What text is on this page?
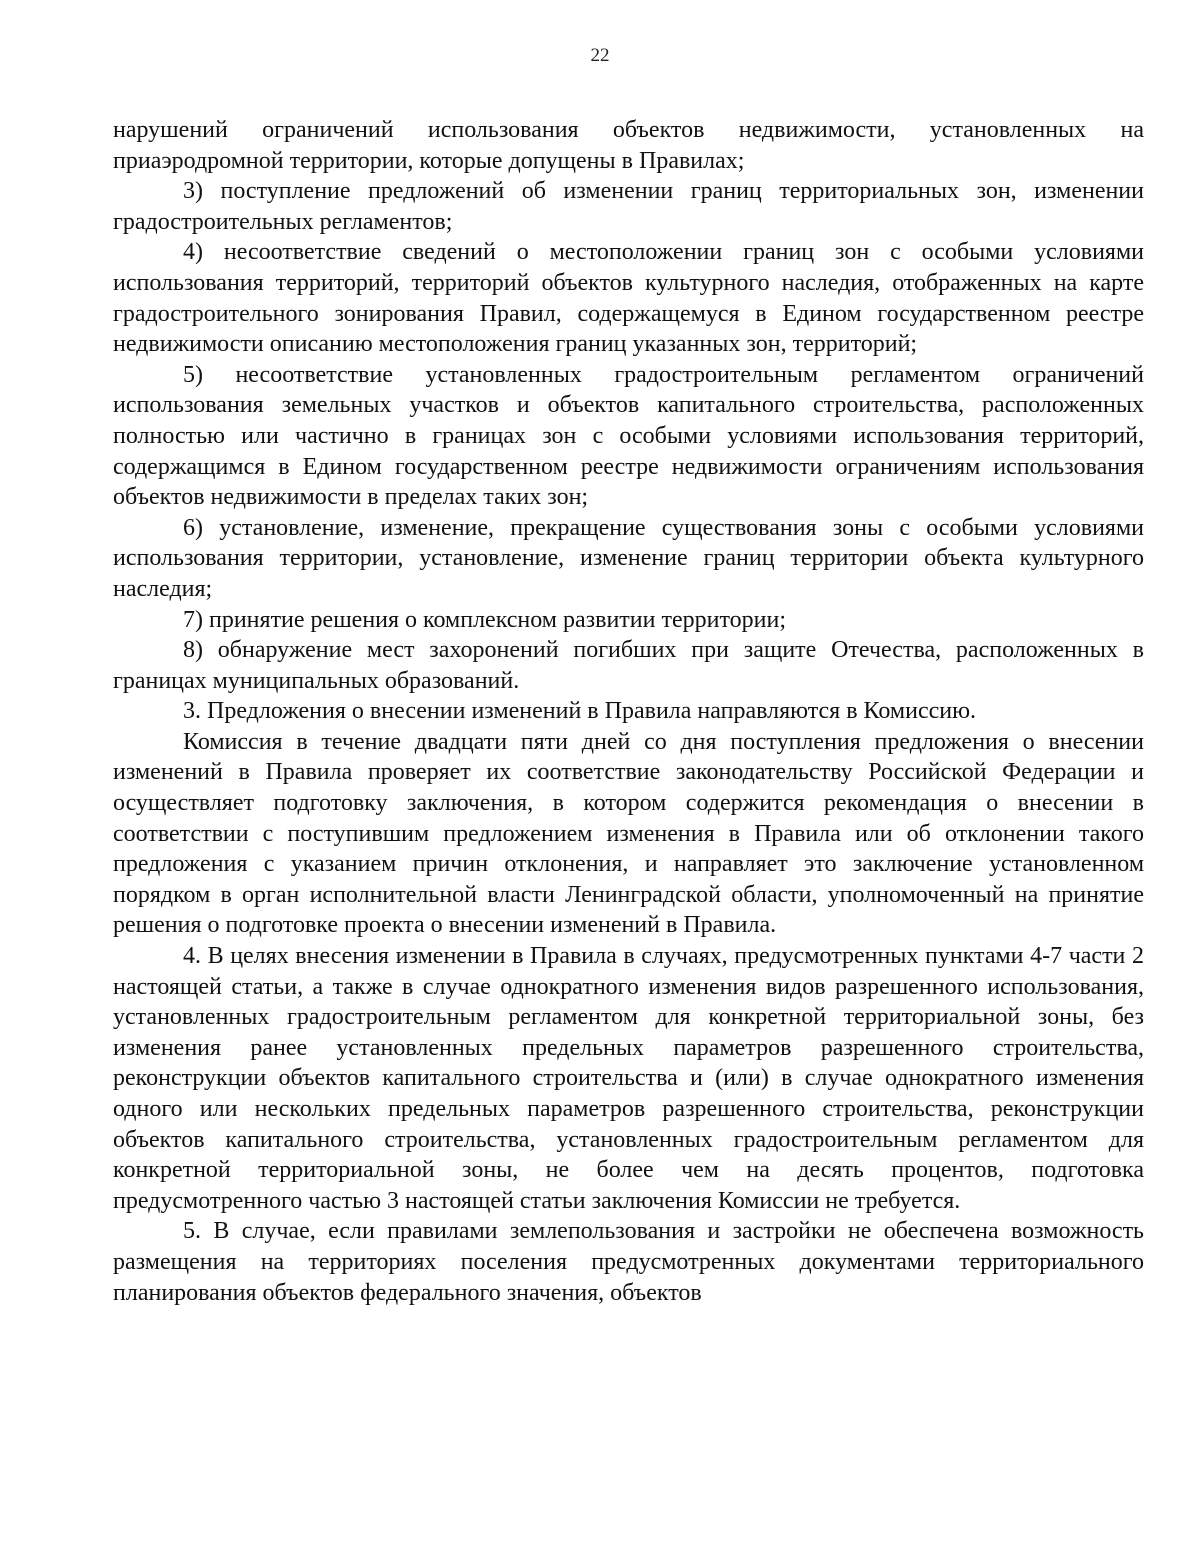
22

нарушений ограничений использования объектов недвижимости, установленных на приаэродромной территории, которые допущены в Правилах;

3) поступление предложений об изменении границ территориальных зон, изменении градостроительных регламентов;

4) несоответствие сведений о местоположении границ зон с особыми условиями использования территорий, территорий объектов культурного наследия, отображенных на карте градостроительного зонирования Правил, содержащемуся в Едином государственном реестре недвижимости описанию местоположения границ указанных зон, территорий;

5) несоответствие установленных градостроительным регламентом ограничений использования земельных участков и объектов капитального строительства, расположенных полностью или частично в границах зон с особыми условиями использования территорий, содержащимся в Едином государственном реестре недвижимости ограничениям использования объектов недвижимости в пределах таких зон;

6) установление, изменение, прекращение существования зоны с особыми условиями использования территории, установление, изменение границ территории объекта культурного наследия;

7) принятие решения о комплексном развитии территории;

8) обнаружение мест захоронений погибших при защите Отечества, расположенных в границах муниципальных образований.

3. Предложения о внесении изменений в Правила направляются в Комиссию.

Комиссия в течение двадцати пяти дней со дня поступления предложения о внесении изменений в Правила проверяет их соответствие законодательству Российской Федерации и осуществляет подготовку заключения, в котором содержится рекомендация о внесении в соответствии с поступившим предложением изменения в Правила или об отклонении такого предложения с указанием причин отклонения, и направляет это заключение установленном порядком в орган исполнительной власти Ленинградской области, уполномоченный на принятие решения о подготовке проекта о внесении изменений в Правила.

4. В целях внесения изменении в Правила в случаях, предусмотренных пунктами 4-7 части 2 настоящей статьи, а также в случае однократного изменения видов разрешенного использования, установленных градостроительным регламентом для конкретной территориальной зоны, без изменения ранее установленных предельных параметров разрешенного строительства, реконструкции объектов капитального строительства и (или) в случае однократного изменения одного или нескольких предельных параметров разрешенного строительства, реконструкции объектов капитального строительства, установленных градостроительным регламентом для конкретной территориальной зоны, не более чем на десять процентов, подготовка предусмотренного частью 3 настоящей статьи заключения Комиссии не требуется.

5. В случае, если правилами землепользования и застройки не обеспечена возможность размещения на территориях поселения предусмотренных документами территориального планирования объектов федерального значения, объектов
